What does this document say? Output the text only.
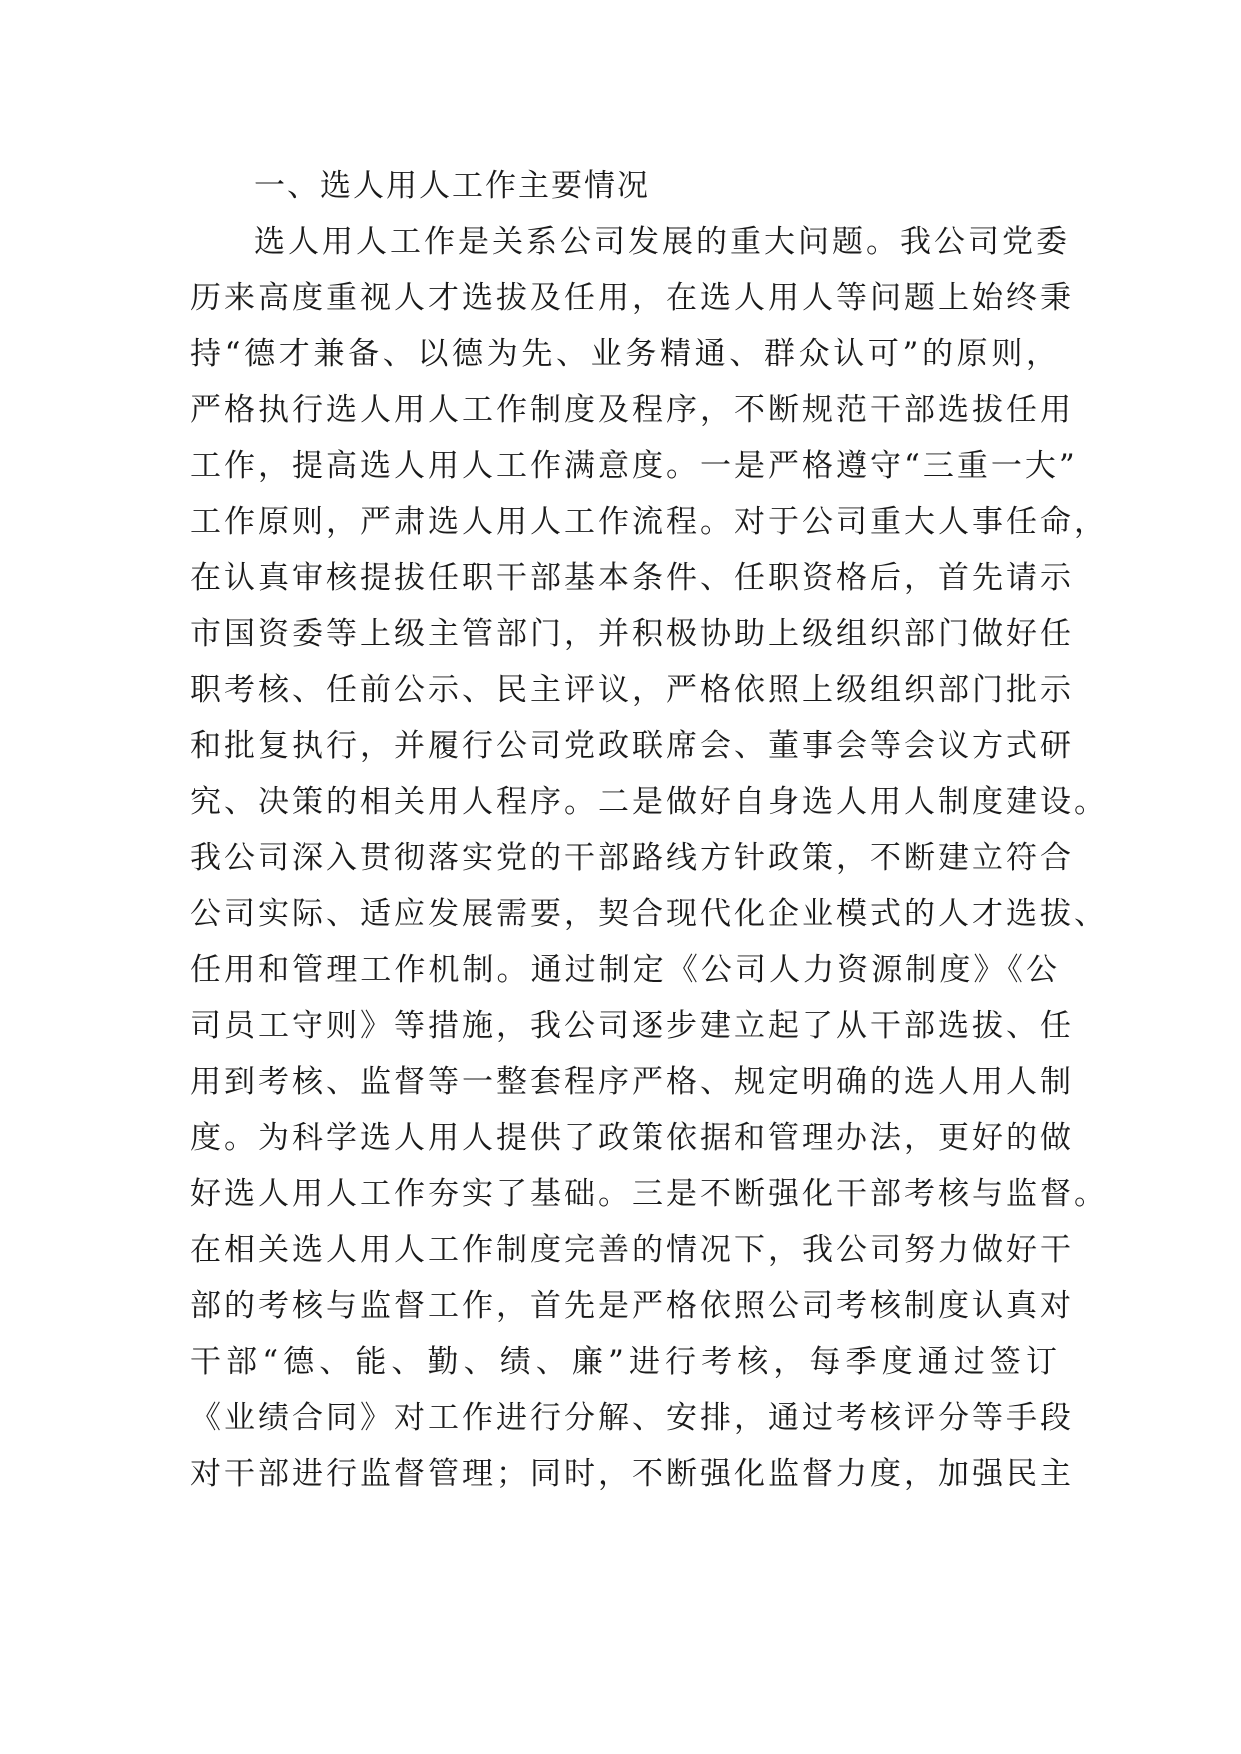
一、选人用人工作主要情况
选人用人工作是关系公司发展的重大问题。我公司党委
历来高度重视人才选拔及任用，在选人用人等问题上始终秉
持“德才兼备、以德为先、业务精通、群众认可”的原则，
严格执行选人用人工作制度及程序，不断规范干部选拔任用
工作，提高选人用人工作满意度。一是严格遵守“三重一大”
工作原则，严肃选人用人工作流程。对于公司重大人事任命，
在认真审核提拔任职干部基本条件、任职资格后，首先请示
市国资委等上级主管部门，并积极协助上级组织部门做好任
职考核、任前公示、民主评议，严格依照上级组织部门批示
和批复执行，并履行公司党政联席会、董事会等会议方式研
究、决策的相关用人程序。二是做好自身选人用人制度建设。
我公司深入贯彻落实党的干部路线方针政策，不断建立符合
公司实际、适应发展需要，契合现代化企业模式的人才选拔、
任用和管理工作机制。通过制定《公司人力资源制度》《公
司员工守则》等措施，我公司逐步建立起了从干部选拔、任
用到考核、监督等一整套程序严格、规定明确的选人用人制
度。为科学选人用人提供了政策依据和管理办法，更好的做
好选人用人工作夯实了基础。三是不断强化干部考核与监督。
在相关选人用人工作制度完善的情况下，我公司努力做好干
部的考核与监督工作，首先是严格依照公司考核制度认真对
干部“德、能、勤、绩、廉”进行考核，每季度通过签订
《业绩合同》对工作进行分解、安排，通过考核评分等手段
对干部进行监督管理；同时，不断强化监督力度，加强民主
